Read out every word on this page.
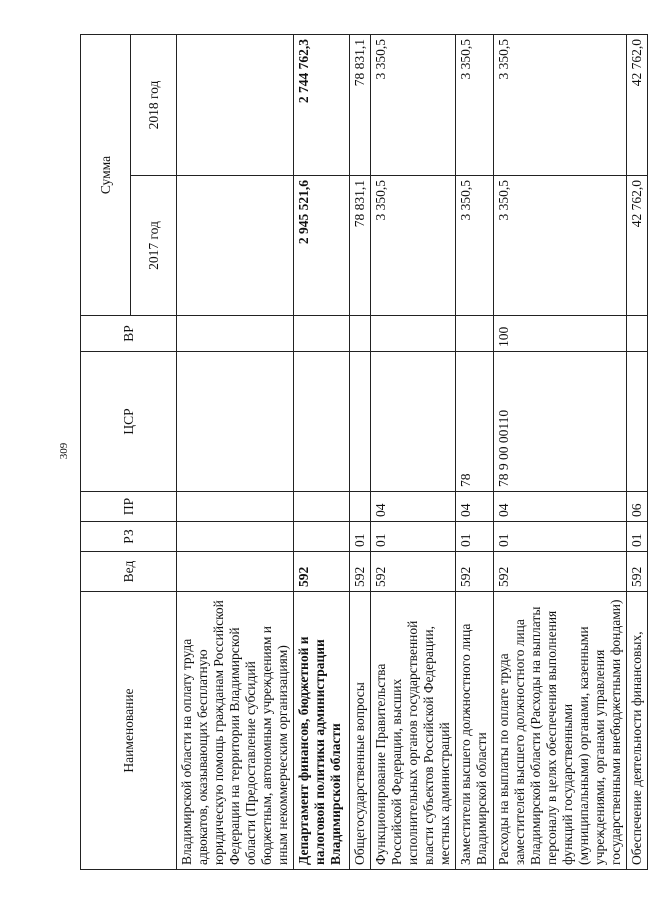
309
Наименование	Вед	РЗ	ПР	ЦСР	ВР	Сумма	
						2017 год	2018 год
Владимирской области на оплату труда адвокатов, оказывающих бесплатную юридическую помощь гражданам Российской Федерации на территории Владимирской области (Предоставление субсидий бюджетным, автономным учреждениям и иным некоммерческим организациям)							
Департамент финансов, бюджетной и налоговой политики администрации Владимирской области	592					2 945 521,6	2 744 762,3
Общегосударственные вопросы	592	01				78 831,1	78 831,1
Функционирование Правительства Российской Федерации, высших исполнительных органов государственной власти субъектов Российской Федерации, местных администраций	592	01	04			3 350,5	3 350,5
Заместители высшего должностного лица Владимирской области	592	01	04	78		3 350,5	3 350,5
Расходы на выплаты по оплате труда заместителей высшего должностного лица Владимирской области (Расходы на выплаты персоналу в целях обеспечения выполнения функций государственными (муниципальными) органами, казенными учреждениями, органами управления государственными внебюджетными фондами)	592	01	04	78 9 00 00110	100	3 350,5	3 350,5
Обеспечение деятельности финансовых,	592	01	06			42 762,0	42 762,0
